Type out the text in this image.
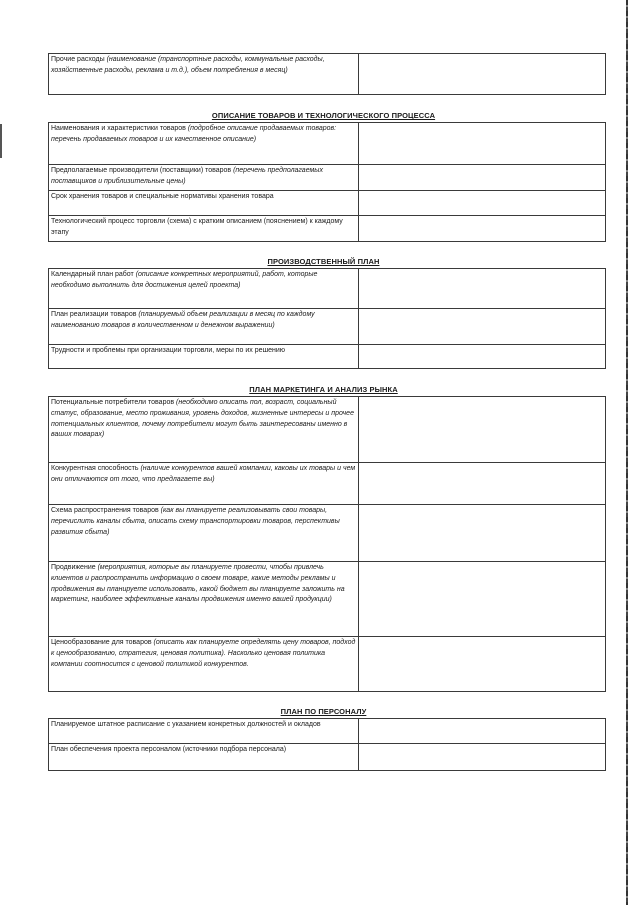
Прочие расходы (наименование (транспортные расходы, коммунальные расходы, хозяйственные расходы, реклама и т.д.), объем потребления в месяц)	
ОПИСАНИЕ ТОВАРОВ И ТЕХНОЛОГИЧЕСКОГО ПРОЦЕССА
Наименования и характеристики товаров (подробное описание продаваемых товаров: перечень продаваемых товаров и их качественное описание)	
Предполагаемые производители (поставщики) товаров (перечень предполагаемых поставщиков и приблизительные цены)	
Срок хранения товаров и специальные нормативы хранения товара	
Технологический процесс торговли (схема) с кратким описанием (пояснением) к каждому этапу	
ПРОИЗВОДСТВЕННЫЙ ПЛАН
Календарный план работ (описание конкретных мероприятий, работ, которые необходимо выполнить для достижения целей проекта)	
План реализации товаров (планируемый объем реализации в месяц по каждому наименованию товаров в количественном и денежном выражении)	
Трудности и проблемы при организации торговли, меры по их решению	
ПЛАН МАРКЕТИНГА И АНАЛИЗ РЫНКА
Потенциальные потребители товаров (необходимо описать пол, возраст, социальный статус, образование, место проживания, уровень доходов, жизненные интересы и прочее потенциальных клиентов, почему потребители могут быть заинтересованы именно в ваших товарах)	
Конкурентная способность (наличие конкурентов вашей компании, каковы их товары и чем они отличаются от того, что предлагаете вы)	
Схема распространения товаров (как вы планируете реализовывать свои товары, перечислить каналы сбыта, описать схему транспортировки товаров, перспективы развития сбыта)	
Продвижение (мероприятия, которые вы планируете провести, чтобы привлечь клиентов и распространить информацию о своем товаре, какие методы рекламы и продвижения вы планируете использовать, какой бюджет вы планируете заложить на маркетинг, наиболее эффективные каналы продвижения именно вашей продукции)	
Ценообразование для товаров (описать как планируете определять цену товаров, подход к ценообразованию, стратегия, ценовая политика). Насколько ценовая политика компании соотносится с ценовой политикой конкурентов.	
ПЛАН ПО ПЕРСОНАЛУ
Планируемое штатное расписание с указанием конкретных должностей и окладов	
План обеспечения проекта персоналом (источники подбора персонала)	
